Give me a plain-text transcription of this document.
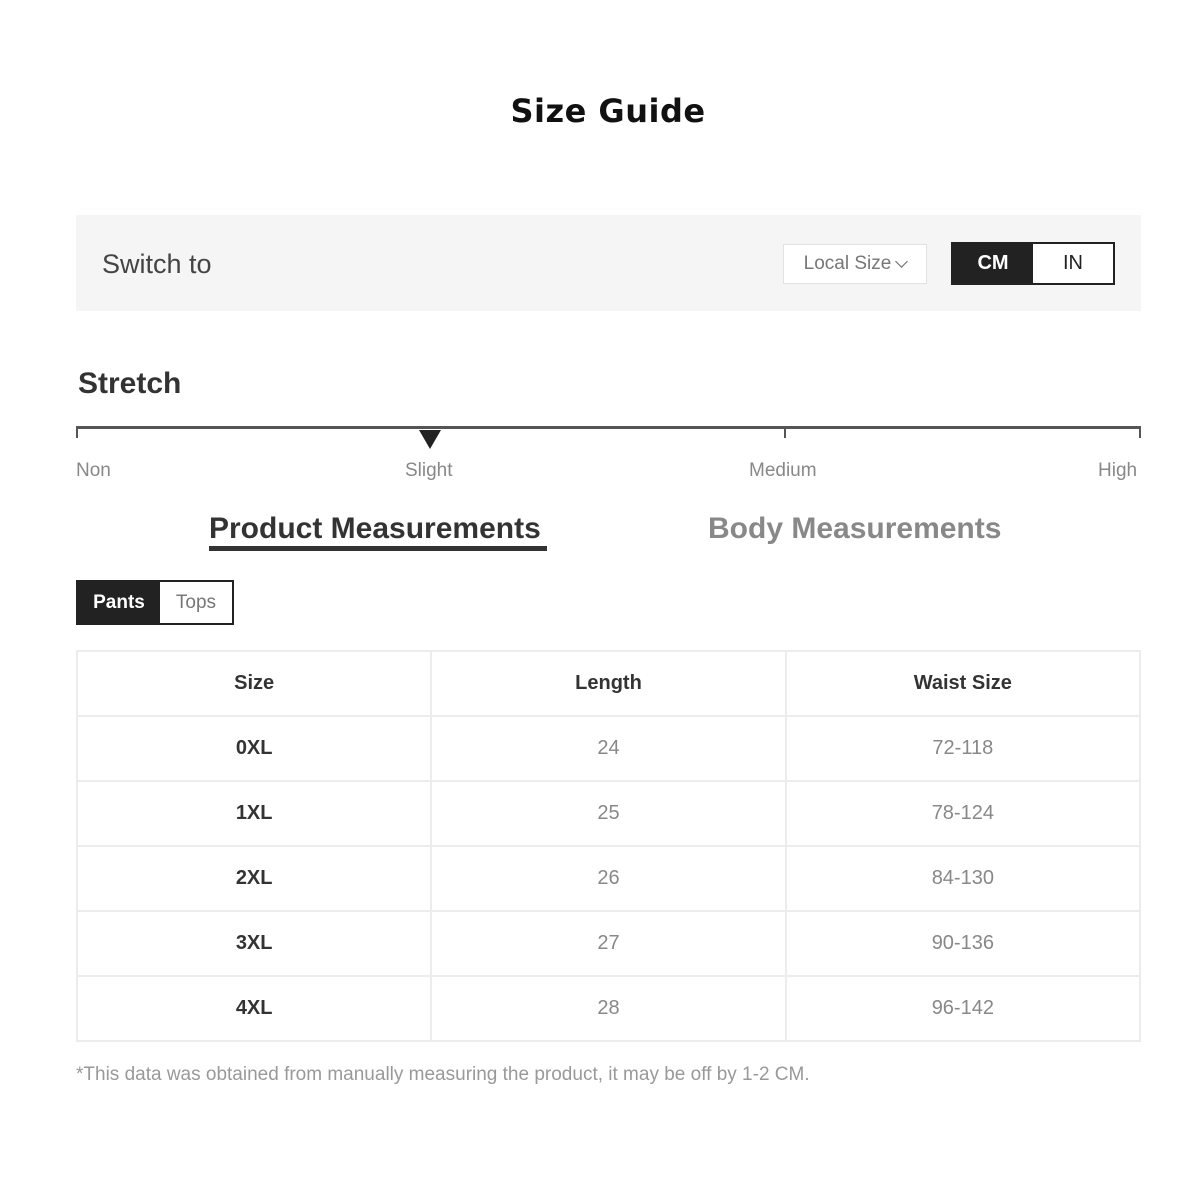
Size Guide
Switch to	Local Size	CM	IN
Stretch
Non	Slight	Medium	High
Product Measurements	Body Measurements
Pants	Tops
Size	Length	Waist Size
0XL	24	72-118
1XL	25	78-124
2XL	26	84-130
3XL	27	90-136
4XL	28	96-142
*This data was obtained from manually measuring the product, it may be off by 1-2 CM.
